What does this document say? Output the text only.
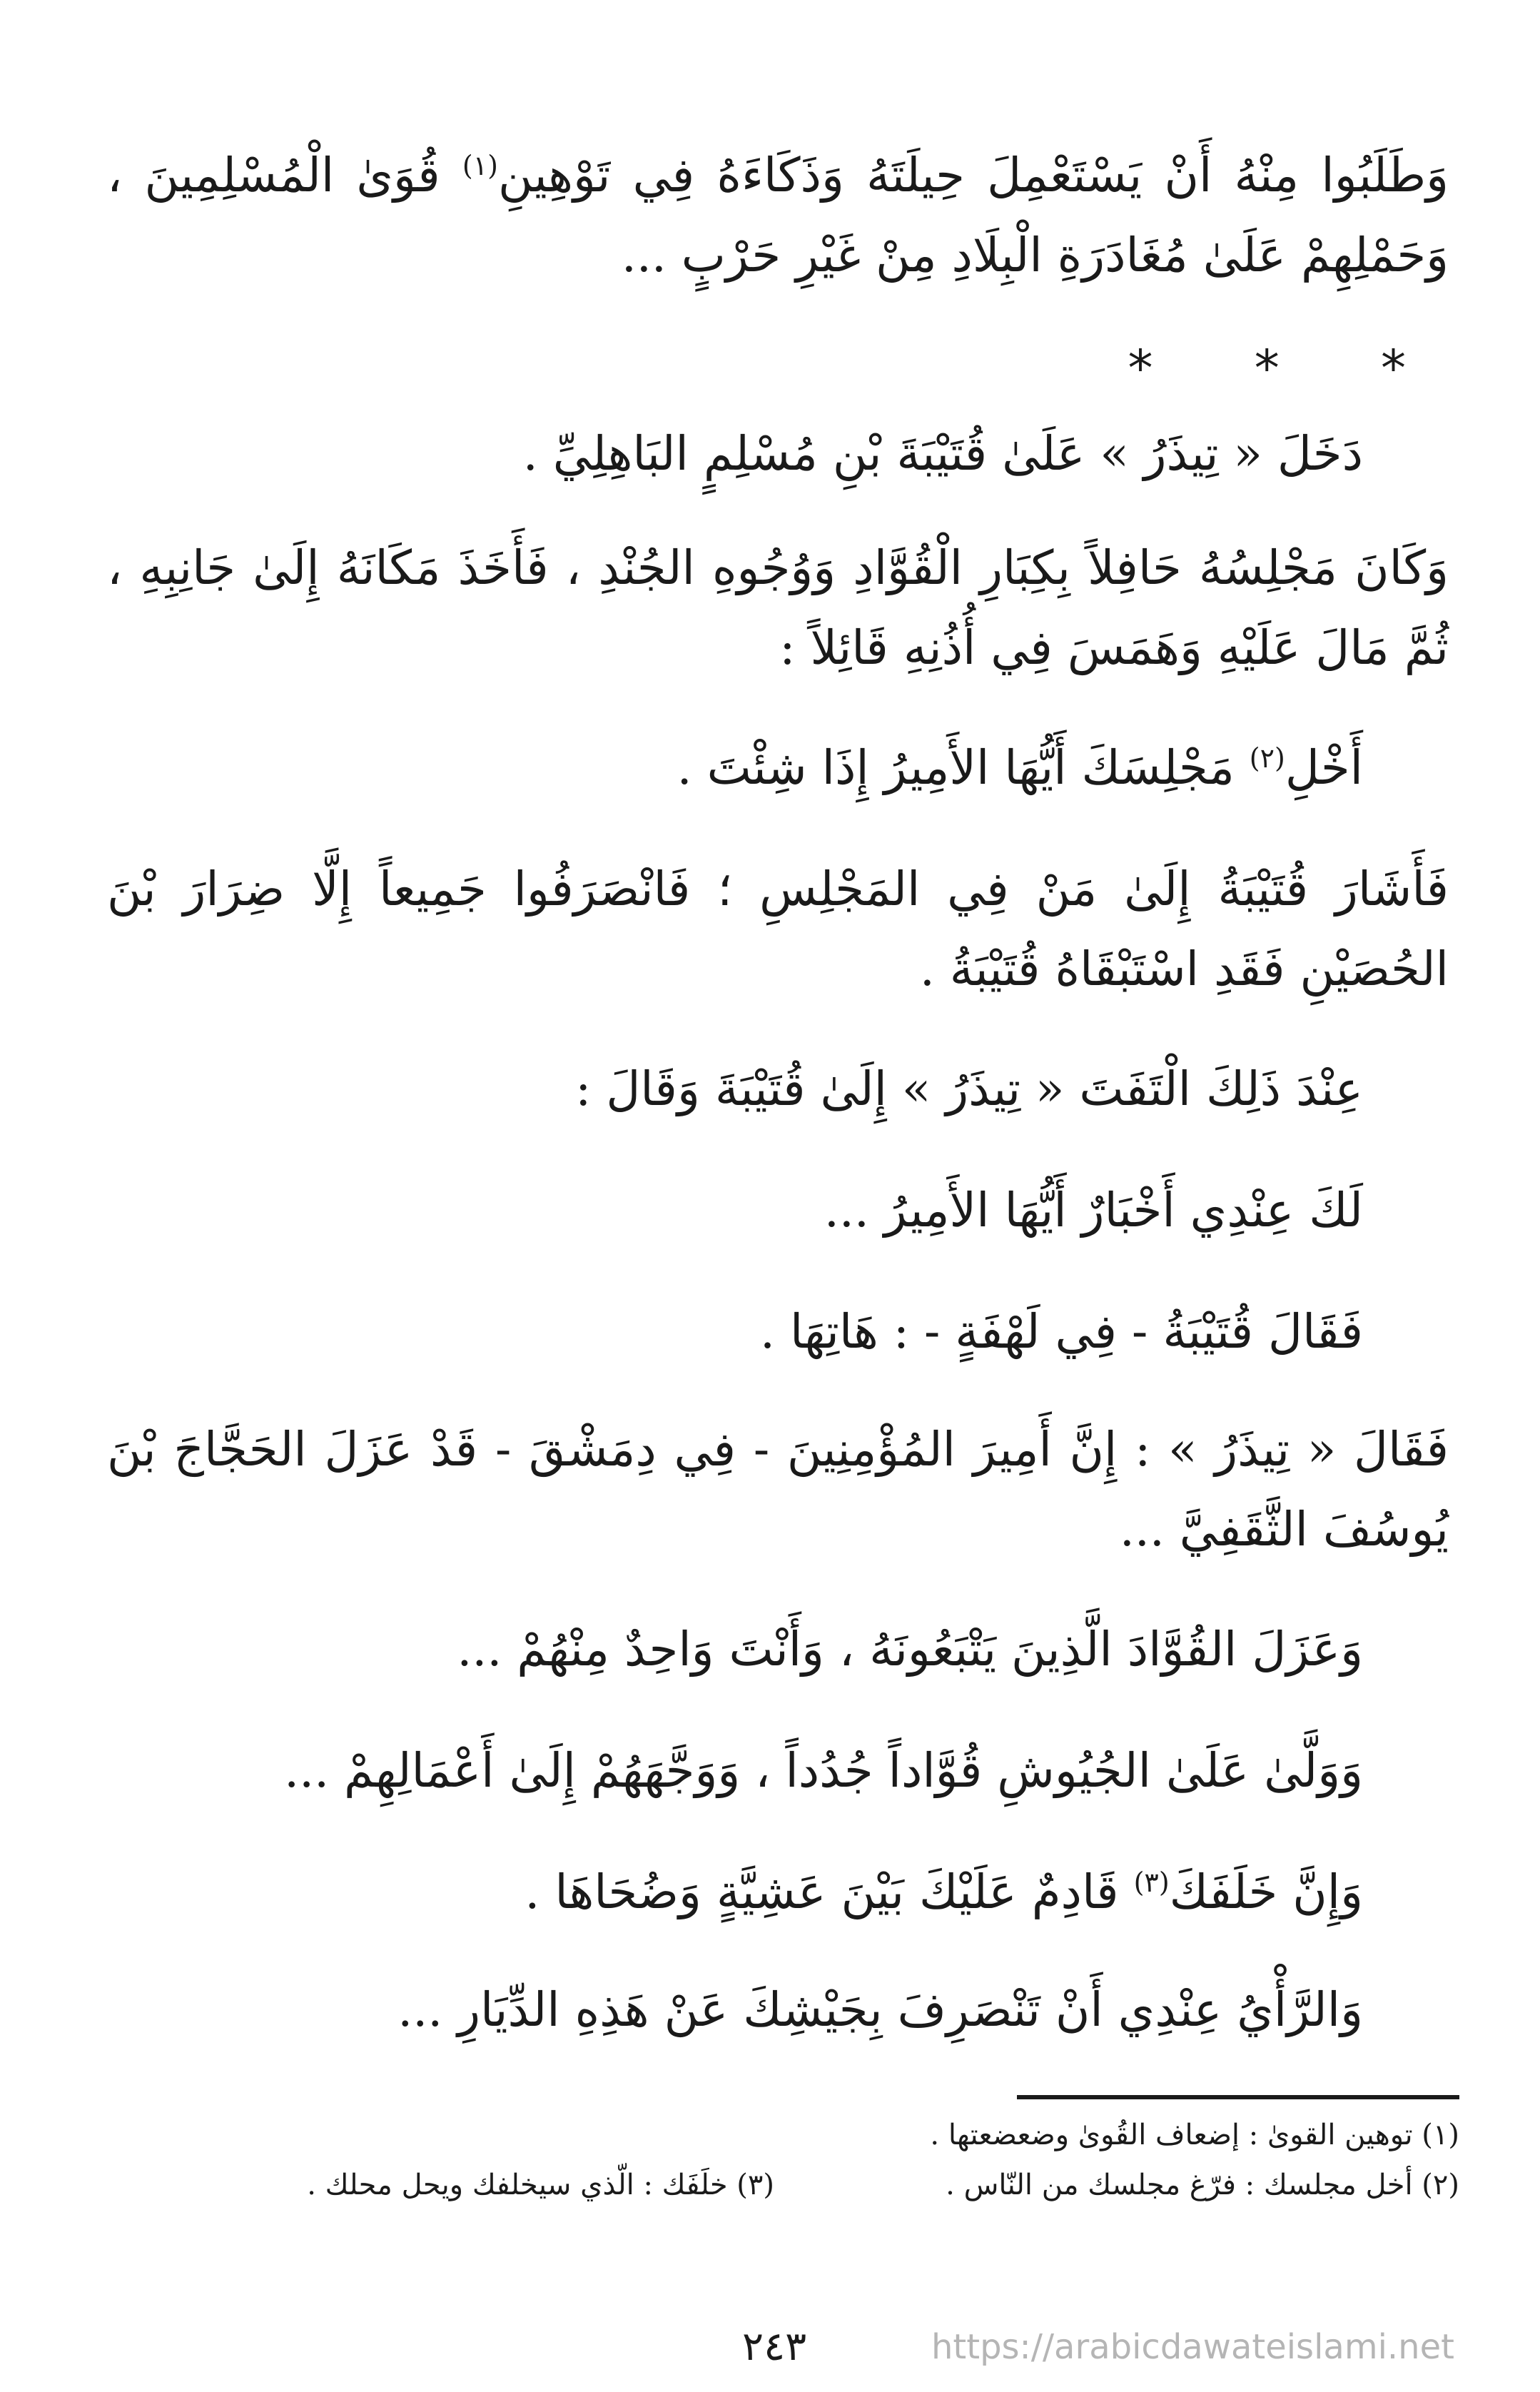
وَطَلَبُوا مِنْهُ أَنْ يَسْتَعْمِلَ حِيلَتَهُ وَذَكَاءَهُ فِي تَوْهِينِ$^{(١)}$ قُوَىٰ الْمُسْلِمِينَ ، وَحَمْلِهِمْ عَلَىٰ مُغَادَرَةِ الْبِلَادِ مِنْ غَيْرِ حَرْبٍ ...

* * *

دَخَلَ « تِيذَرُ » عَلَىٰ قُتَيْبَةَ بْنِ مُسْلِمٍ البَاهِلِيِّ .

وَكَانَ مَجْلِسُهُ حَافِلاً بِكِبَارِ الْقُوَّادِ وَوُجُوهِ الجُنْدِ ، فَأَخَذَ مَكَانَهُ إِلَىٰ جَانِبِهِ ، ثُمَّ مَالَ عَلَيْهِ وَهَمَسَ فِي أُذُنِهِ قَائِلاً :

أَخْلِ$^{(٢)}$ مَجْلِسَكَ أَيُّهَا الأَمِيرُ إِذَا شِئْتَ .

فَأَشَارَ قُتَيْبَةُ إِلَىٰ مَنْ فِي المَجْلِسِ ؛ فَانْصَرَفُوا جَمِيعاً إِلَّا ضِرَارَ بْنَ الحُصَيْنِ فَقَدِ اسْتَبْقَاهُ قُتَيْبَةُ .

عِنْدَ ذَلِكَ الْتَفَتَ « تِيذَرُ » إِلَىٰ قُتَيْبَةَ وَقَالَ :

لَكَ عِنْدِي أَخْبَارٌ أَيُّهَا الأَمِيرُ ...

فَقَالَ قُتَيْبَةُ - فِي لَهْفَةٍ - : هَاتِهَا .

فَقَالَ « تِيذَرُ » : إِنَّ أَمِيرَ المُؤْمِنِينَ - فِي دِمَشْقَ - قَدْ عَزَلَ الحَجَّاجَ بْنَ يُوسُفَ الثَّقَفِيَّ ...

وَعَزَلَ القُوَّادَ الَّذِينَ يَتْبَعُونَهُ ، وَأَنْتَ وَاحِدٌ مِنْهُمْ ...

وَوَلَّىٰ عَلَىٰ الجُيُوشِ قُوَّاداً جُدُداً ، وَوَجَّهَهُمْ إِلَىٰ أَعْمَالِهِمْ ...

وَإِنَّ خَلَفَكَ$^{(٣)}$ قَادِمٌ عَلَيْكَ بَيْنَ عَشِيَّةٍ وَضُحَاهَا .

وَالرَّأْيُ عِنْدِي أَنْ تَنْصَرِفَ بِجَيْشِكَ عَنْ هَذِهِ الدِّيَارِ ...

(١) توهين القوىٰ : إضعاف القُوىٰ وضعضعتها .
(٢) أخل مجلسك : فرّغ مجلسك من النّاس .
(٣) خلَفَك : الّذي سيخلفك ويحل محلك .
٢٤٣	https://arabicdawateislami.net
